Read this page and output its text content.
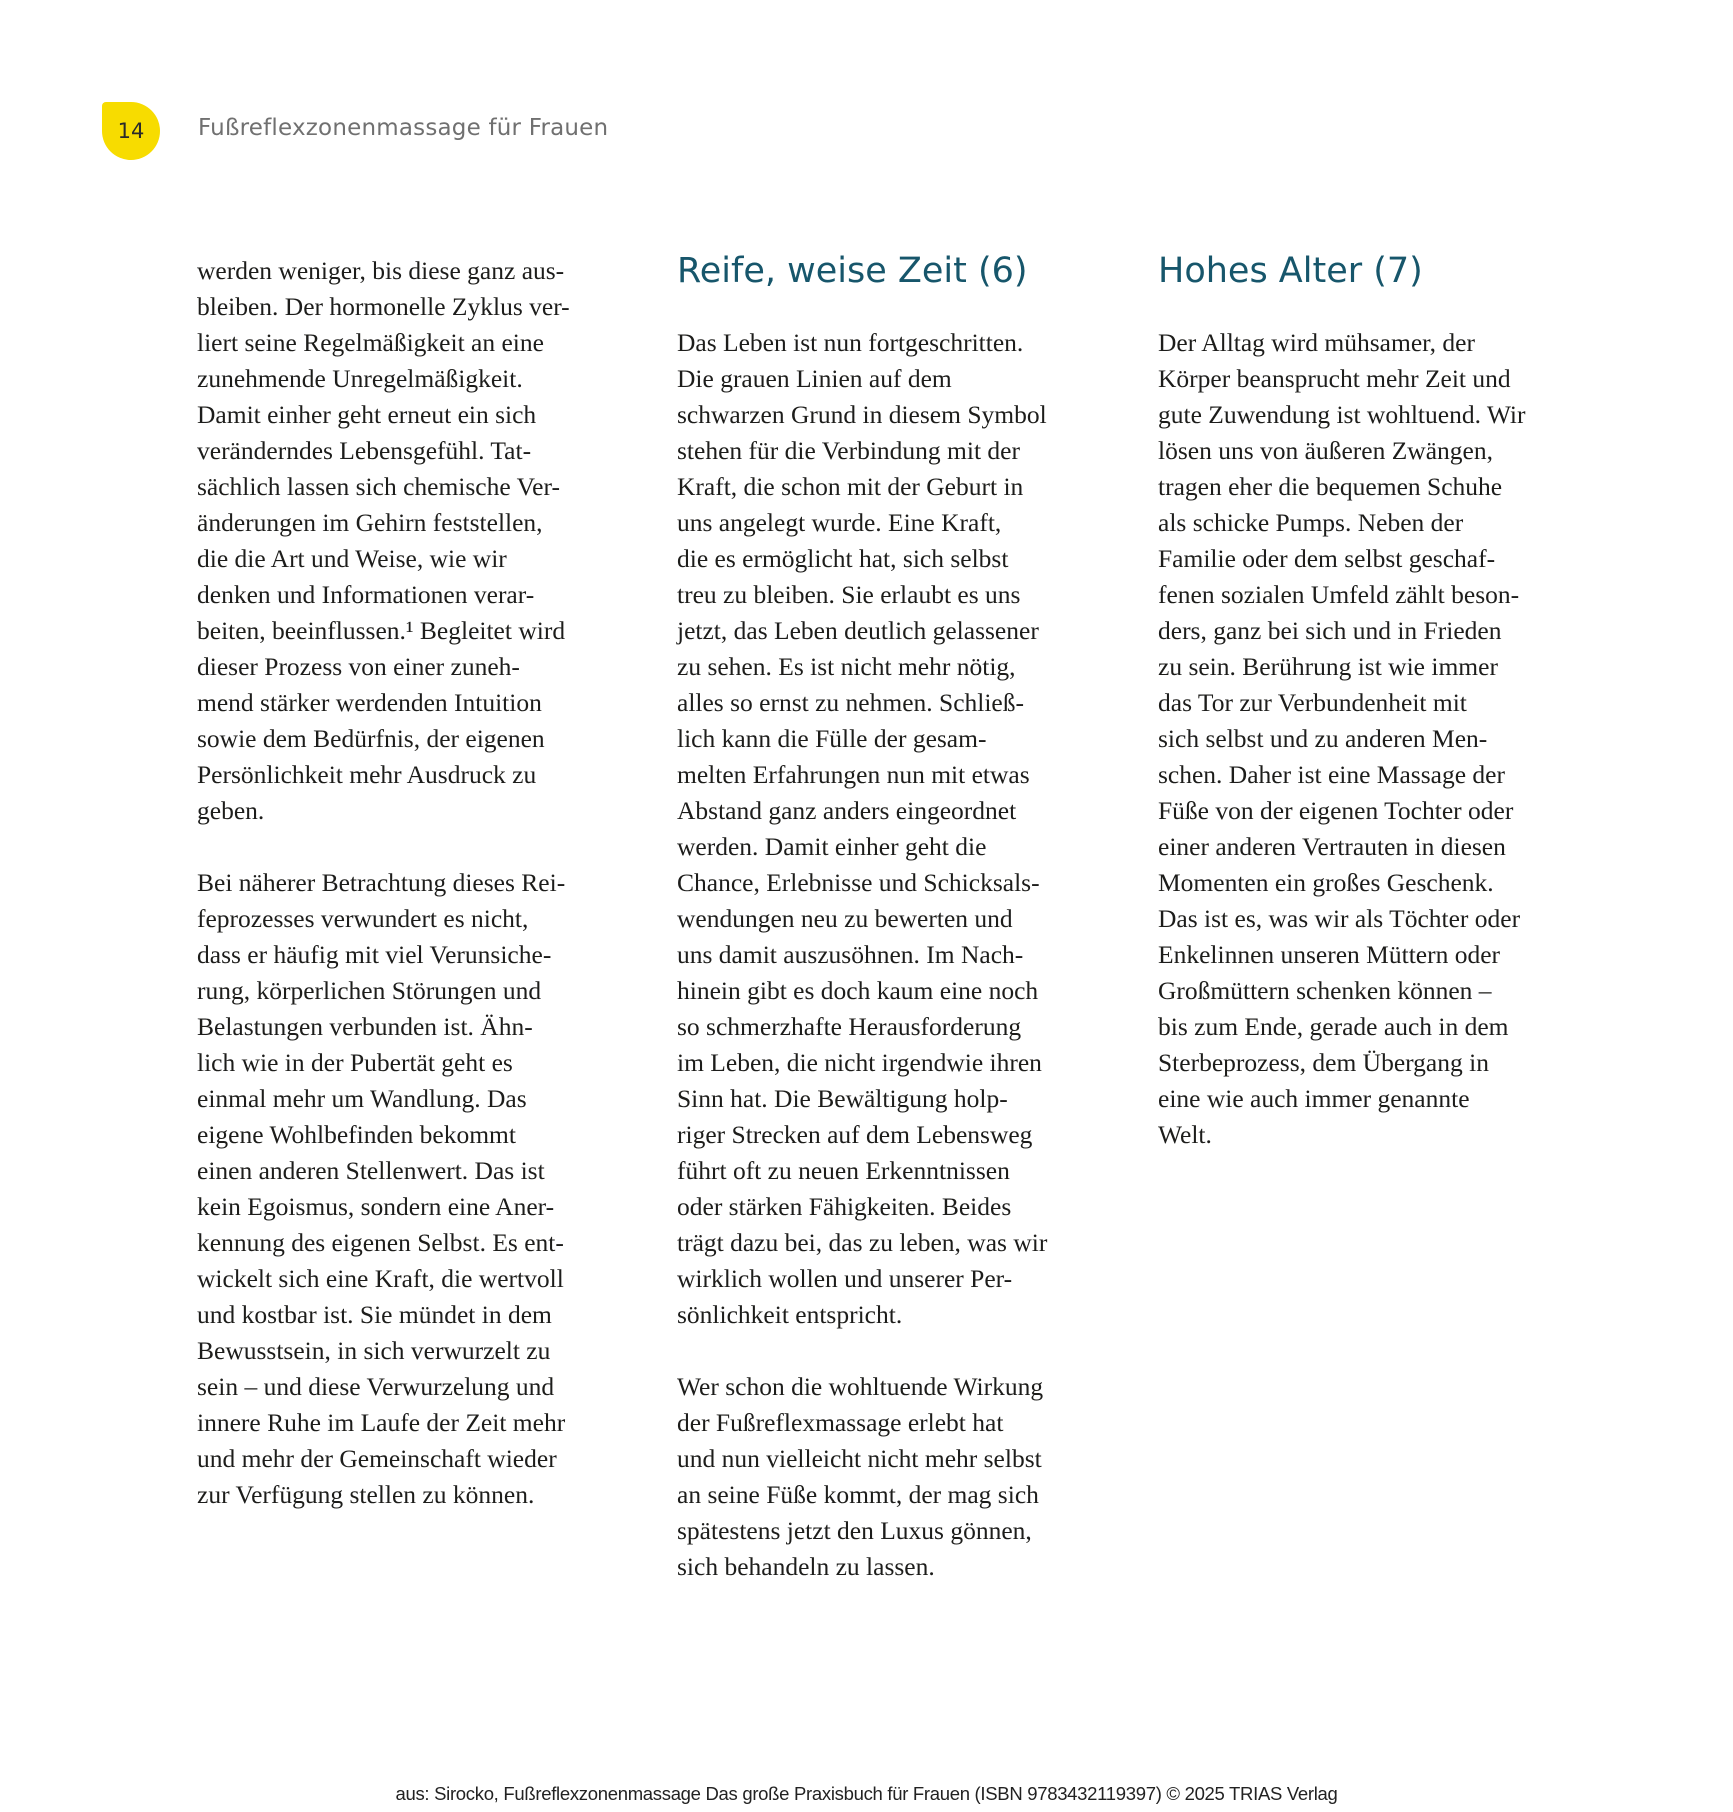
14 Fußreflexzonenmassage für Frauen
werden weniger, bis diese ganz aus-
bleiben. Der hormonelle Zyklus ver-
liert seine Regelmäßigkeit an eine
zunehmende Unregelmäßigkeit.
Damit einher geht erneut ein sich
veränderndes Lebensgefühl. Tat-
sächlich lassen sich chemische Ver-
änderungen im Gehirn feststellen,
die die Art und Weise, wie wir
denken und Informationen verar-
beiten, beeinflussen.¹ Begleitet wird
dieser Prozess von einer zuneh-
mend stärker werdenden Intuition
sowie dem Bedürfnis, der eigenen
Persönlichkeit mehr Ausdruck zu
geben.
Bei näherer Betrachtung dieses Rei-
feprozesses verwundert es nicht,
dass er häufig mit viel Verunsiche-
rung, körperlichen Störungen und
Belastungen verbunden ist. Ähn-
lich wie in der Pubertät geht es
einmal mehr um Wandlung. Das
eigene Wohlbefinden bekommt
einen anderen Stellenwert. Das ist
kein Egoismus, sondern eine Aner-
kennung des eigenen Selbst. Es ent-
wickelt sich eine Kraft, die wertvoll
und kostbar ist. Sie mündet in dem
Bewusstsein, in sich verwurzelt zu
sein – und diese Verwurzelung und
innere Ruhe im Laufe der Zeit mehr
und mehr der Gemeinschaft wieder
zur Verfügung stellen zu können.
Reife, weise Zeit (6)
Das Leben ist nun fortgeschritten.
Die grauen Linien auf dem
schwarzen Grund in diesem Symbol
stehen für die Verbindung mit der
Kraft, die schon mit der Geburt in
uns angelegt wurde. Eine Kraft,
die es ermöglicht hat, sich selbst
treu zu bleiben. Sie erlaubt es uns
jetzt, das Leben deutlich gelassener
zu sehen. Es ist nicht mehr nötig,
alles so ernst zu nehmen. Schließ-
lich kann die Fülle der gesam-
melten Erfahrungen nun mit etwas
Abstand ganz anders eingeordnet
werden. Damit einher geht die
Chance, Erlebnisse und Schicksals-
wendungen neu zu bewerten und
uns damit auszusöhnen. Im Nach-
hinein gibt es doch kaum eine noch
so schmerzhafte Herausforderung
im Leben, die nicht irgendwie ihren
Sinn hat. Die Bewältigung holp-
riger Strecken auf dem Lebensweg
führt oft zu neuen Erkenntnissen
oder stärken Fähigkeiten. Beides
trägt dazu bei, das zu leben, was wir
wirklich wollen und unserer Per-
sönlichkeit entspricht.
Wer schon die wohltuende Wirkung
der Fußreflexmassage erlebt hat
und nun vielleicht nicht mehr selbst
an seine Füße kommt, der mag sich
spätestens jetzt den Luxus gönnen,
sich behandeln zu lassen.
Hohes Alter (7)
Der Alltag wird mühsamer, der
Körper beansprucht mehr Zeit und
gute Zuwendung ist wohltuend. Wir
lösen uns von äußeren Zwängen,
tragen eher die bequemen Schuhe
als schicke Pumps. Neben der
Familie oder dem selbst geschaf-
fenen sozialen Umfeld zählt beson-
ders, ganz bei sich und in Frieden
zu sein. Berührung ist wie immer
das Tor zur Verbundenheit mit
sich selbst und zu anderen Men-
schen. Daher ist eine Massage der
Füße von der eigenen Tochter oder
einer anderen Vertrauten in diesen
Momenten ein großes Geschenk.
Das ist es, was wir als Töchter oder
Enkelinnen unseren Müttern oder
Großmüttern schenken können –
bis zum Ende, gerade auch in dem
Sterbeprozess, dem Übergang in
eine wie auch immer genannte
Welt.
aus: Sirocko, Fußreflexzonenmassage Das große Praxisbuch für Frauen (ISBN 9783432119397) © 2025 TRIAS Verlag
